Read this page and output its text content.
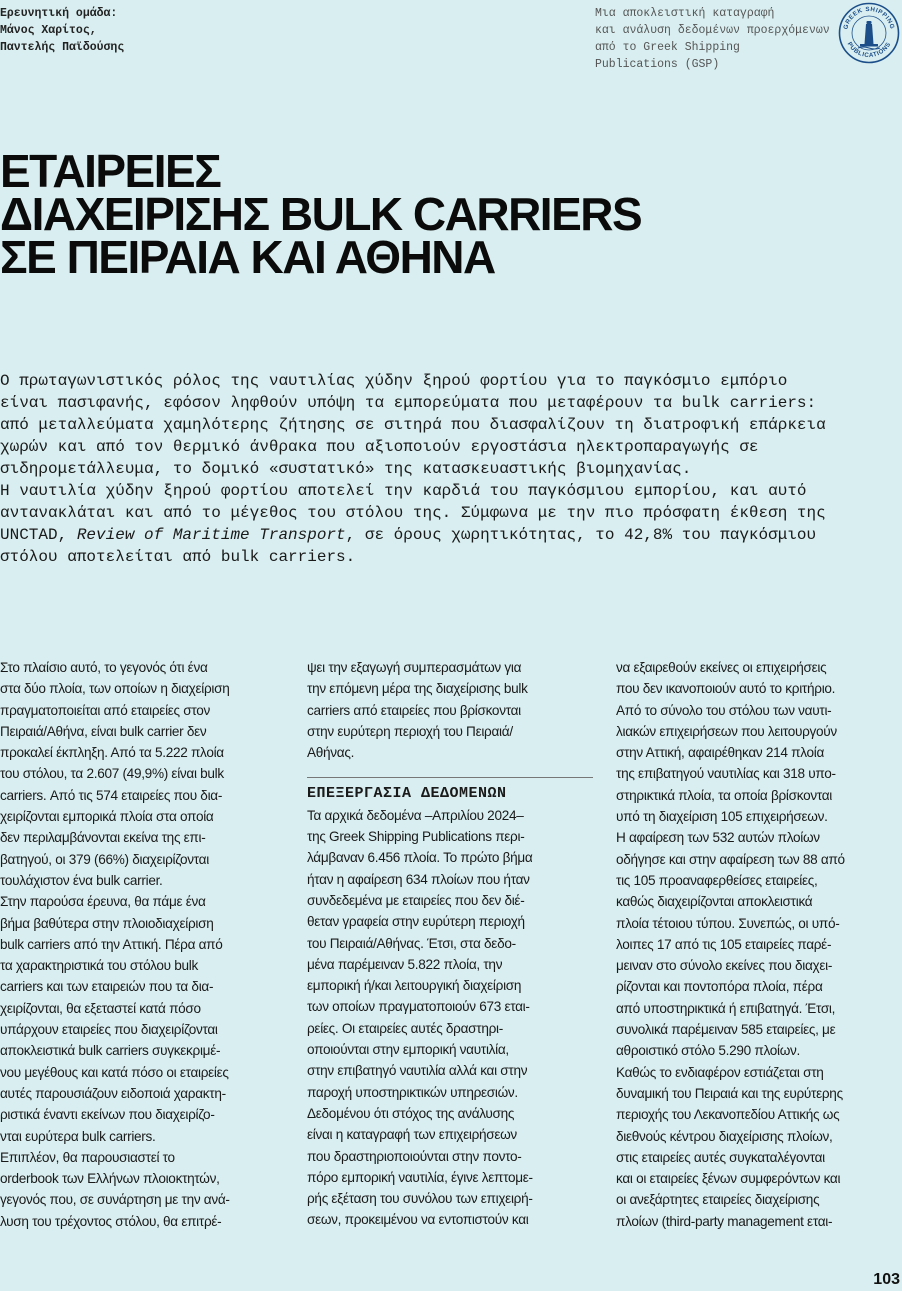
Ερευνητική ομάδα:
Μάνος Χαρίτος,
Παντελής Παϊδούσης
Μια αποκλειστική καταγραφή
και ανάλυση δεδομένων προερχόμενων
από το Greek Shipping
Publications (GSP)
GREEK SHIPPING
PUBLICATIONS
ΕΤΑΙΡΕΙΕΣ
ΔΙΑΧΕΙΡΙΣΗΣ BULK CARRIERS
ΣΕ ΠΕΙΡΑΙΑ ΚΑΙ ΑΘΗΝΑ

Ο πρωταγωνιστικός ρόλος της ναυτιλίας χύδην ξηρού φορτίου για το παγκόσμιο εμπόριο

είναι πασιφανής, εφόσον ληφθούν υπόψη τα εμπορεύματα που μεταφέρουν τα bulk carriers:

από μεταλλεύματα χαμηλότερης ζήτησης σε σιτηρά που διασφαλίζουν τη διατροφική επάρκεια

χωρών και από τον θερμικό άνθρακα που αξιοποιούν εργοστάσια ηλεκτροπαραγωγής σε

σιδηρομετάλλευμα, το δομικό «συστατικό» της κατασκευαστικής βιομηχανίας.

Η ναυτιλία χύδην ξηρού φορτίου αποτελεί την καρδιά του παγκόσμιου εμπορίου, και αυτό

αντανακλάται και από το μέγεθος του στόλου της. Σύμφωνα με την πιο πρόσφατη έκθεση της

UNCTAD, Review of Maritime Transport, σε όρους χωρητικότητας, το 42,8% του παγκόσμιου

στόλου αποτελείται από bulk carriers.

Στο πλαίσιο αυτό, το γεγονός ότι ένα
στα δύο πλοία, των οποίων η διαχείριση
πραγματοποιείται από εταιρείες στον
Πειραιά/Αθήνα, είναι bulk carrier δεν
προκαλεί έκπληξη. Από τα 5.222 πλοία
του στόλου, τα 2.607 (49,9%) είναι bulk
carriers. Από τις 574 εταιρείες που δια-
χειρίζονται εμπορικά πλοία στα οποία
δεν περιλαμβάνονται εκείνα της επι-
βατηγού, οι 379 (66%) διαχειρίζονται
τουλάχιστον ένα bulk carrier.
Στην παρούσα έρευνα, θα πάμε ένα
βήμα βαθύτερα στην πλοιοδιαχείριση
bulk carriers από την Αττική. Πέρα από
τα χαρακτηριστικά του στόλου bulk
carriers και των εταιρειών που τα δια-
χειρίζονται, θα εξεταστεί κατά πόσο
υπάρχουν εταιρείες που διαχειρίζονται
αποκλειστικά bulk carriers συγκεκριμέ-
νου μεγέθους και κατά πόσο οι εταιρείες
αυτές παρουσιάζουν ειδοποιά χαρακτη-
ριστικά έναντι εκείνων που διαχειρίζο-
νται ευρύτερα bulk carriers.
Επιπλέον, θα παρουσιαστεί το
orderbook των Ελλήνων πλοιοκτητών,
γεγονός που, σε συνάρτηση με την ανά-
λυση του τρέχοντος στόλου, θα επιτρέ-
ψει την εξαγωγή συμπερασμάτων για
την επόμενη μέρα της διαχείρισης bulk
carriers από εταιρείες που βρίσκονται
στην ευρύτερη περιοχή του Πειραιά/
Αθήνας.
ΕΠΕΞΕΡΓΑΣΙΑ ΔΕΔΟΜΕΝΩΝ
Τα αρχικά δεδομένα –Απριλίου 2024–
της Greek Shipping Publications περι-
λάμβαναν 6.456 πλοία. Το πρώτο βήμα
ήταν η αφαίρεση 634 πλοίων που ήταν
συνδεδεμένα με εταιρείες που δεν διέ-
θεταν γραφεία στην ευρύτερη περιοχή
του Πειραιά/Αθήνας. Έτσι, στα δεδο-
μένα παρέμειναν 5.822 πλοία, την
εμπορική ή/και λειτουργική διαχείριση
των οποίων πραγματοποιούν 673 εται-
ρείες. Οι εταιρείες αυτές δραστηρι-
οποιούνται στην εμπορική ναυτιλία,
στην επιβατηγό ναυτιλία αλλά και στην
παροχή υποστηρικτικών υπηρεσιών.
Δεδομένου ότι στόχος της ανάλυσης
είναι η καταγραφή των επιχειρήσεων
που δραστηριοποιούνται στην ποντο-
πόρο εμπορική ναυτιλία, έγινε λεπτομε-
ρής εξέταση του συνόλου των επιχειρή-
σεων, προκειμένου να εντοπιστούν και
να εξαιρεθούν εκείνες οι επιχειρήσεις
που δεν ικανοποιούν αυτό το κριτήριο.
Από το σύνολο του στόλου των ναυτι-
λιακών επιχειρήσεων που λειτουργούν
στην Αττική, αφαιρέθηκαν 214 πλοία
της επιβατηγού ναυτιλίας και 318 υπο-
στηρικτικά πλοία, τα οποία βρίσκονται
υπό τη διαχείριση 105 επιχειρήσεων.
Η αφαίρεση των 532 αυτών πλοίων
οδήγησε και στην αφαίρεση των 88 από
τις 105 προαναφερθείσες εταιρείες,
καθώς διαχειρίζονται αποκλειστικά
πλοία τέτοιου τύπου. Συνεπώς, οι υπό-
λοιπες 17 από τις 105 εταιρείες παρέ-
μειναν στο σύνολο εκείνες που διαχει-
ρίζονται και ποντοπόρα πλοία, πέρα
από υποστηρικτικά ή επιβατηγά. Έτσι,
συνολικά παρέμειναν 585 εταιρείες, με
αθροιστικό στόλο 5.290 πλοίων.
Καθώς το ενδιαφέρον εστιάζεται στη
δυναμική του Πειραιά και της ευρύτερης
περιοχής του Λεκανοπεδίου Αττικής ως
διεθνούς κέντρου διαχείρισης πλοίων,
στις εταιρείες αυτές συγκαταλέγονται
και οι εταιρείες ξένων συμφερόντων και
οι ανεξάρτητες εταιρείες διαχείρισης
πλοίων (third-party management εται-
103
